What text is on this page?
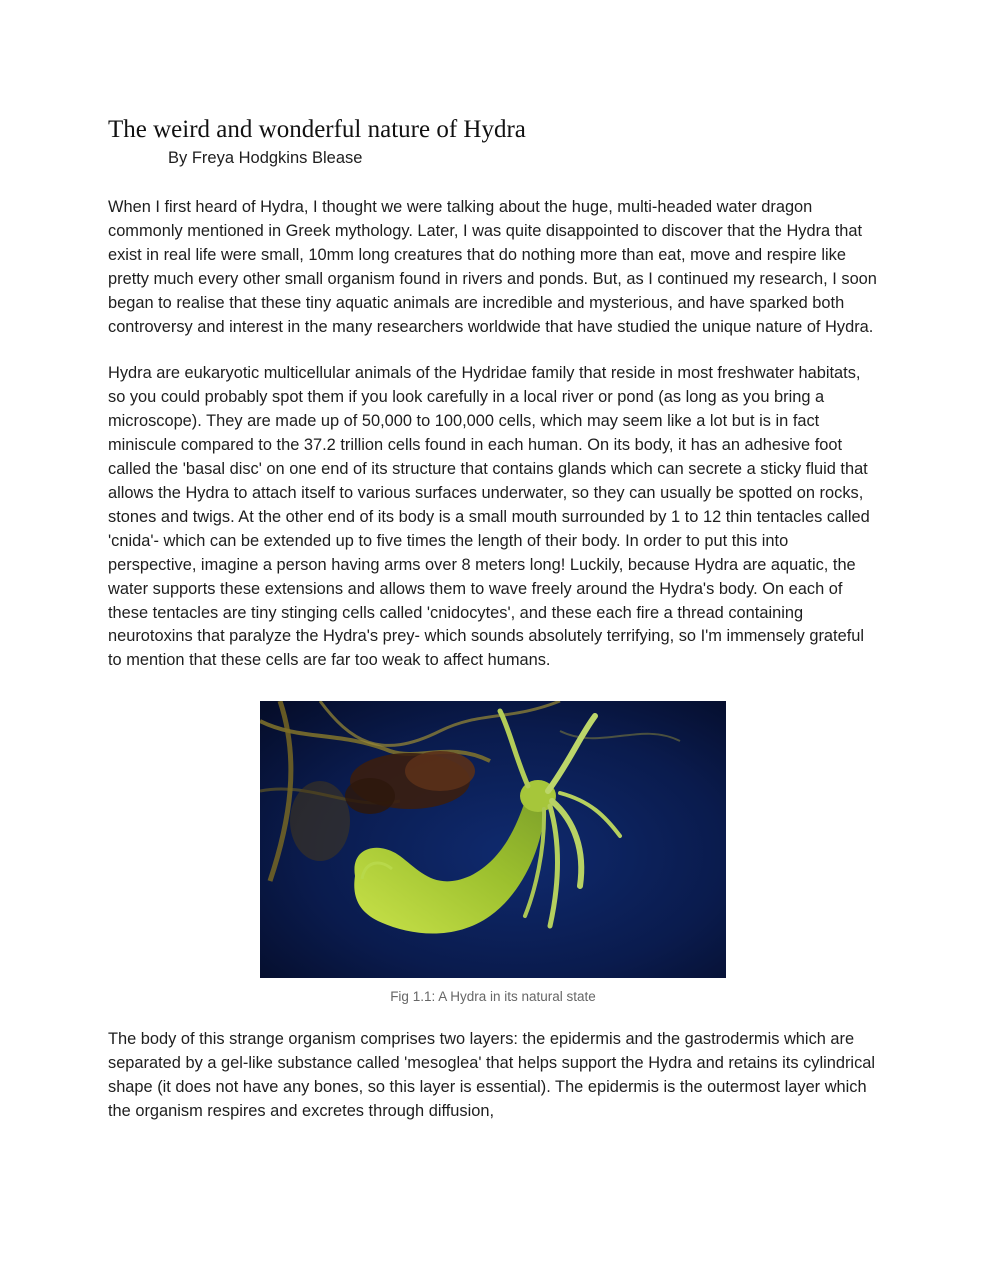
The weird and wonderful nature of Hydra

By Freya Hodgkins Blease

When I first heard of Hydra, I thought we were talking about the huge, multi-headed water dragon commonly mentioned in Greek mythology. Later, I was quite disappointed to discover that the Hydra that exist in real life were small, 10mm long creatures that do nothing more than eat, move and respire like pretty much every other small organism found in rivers and ponds. But, as I continued my research, I soon began to realise that these tiny aquatic animals are incredible and mysterious, and have sparked both controversy and interest in the many researchers worldwide that have studied the unique nature of Hydra.

Hydra are eukaryotic multicellular animals of the Hydridae family that reside in most freshwater habitats, so you could probably spot them if you look carefully in a local river or pond (as long as you bring a microscope). They are made up of 50,000 to 100,000 cells, which may seem like a lot but is in fact miniscule compared to the 37.2 trillion cells found in each human. On its body, it has an adhesive foot called the 'basal disc' on one end of its structure that contains glands which can secrete a sticky fluid that allows the Hydra to attach itself to various surfaces underwater, so they can usually be spotted on rocks, stones and twigs. At the other end of its body is a small mouth surrounded by 1 to 12 thin tentacles called 'cnida'- which can be extended up to five times the length of their body. In order to put this into perspective, imagine a person having arms over 8 meters long! Luckily, because Hydra are aquatic, the water supports these extensions and allows them to wave freely around the Hydra's body. On each of these tentacles are tiny stinging cells called 'cnidocytes', and these each fire a thread containing neurotoxins that paralyze the Hydra's prey- which sounds absolutely terrifying, so I'm immensely grateful to mention that these cells are far too weak to affect humans.

Fig 1.1: A Hydra in its natural state

The body of this strange organism comprises two layers: the epidermis and the gastrodermis which are separated by a gel-like substance called 'mesoglea' that helps support the Hydra and retains its cylindrical shape (it does not have any bones, so this layer is essential). The epidermis is the outermost layer which the organism respires and excretes through diffusion,
